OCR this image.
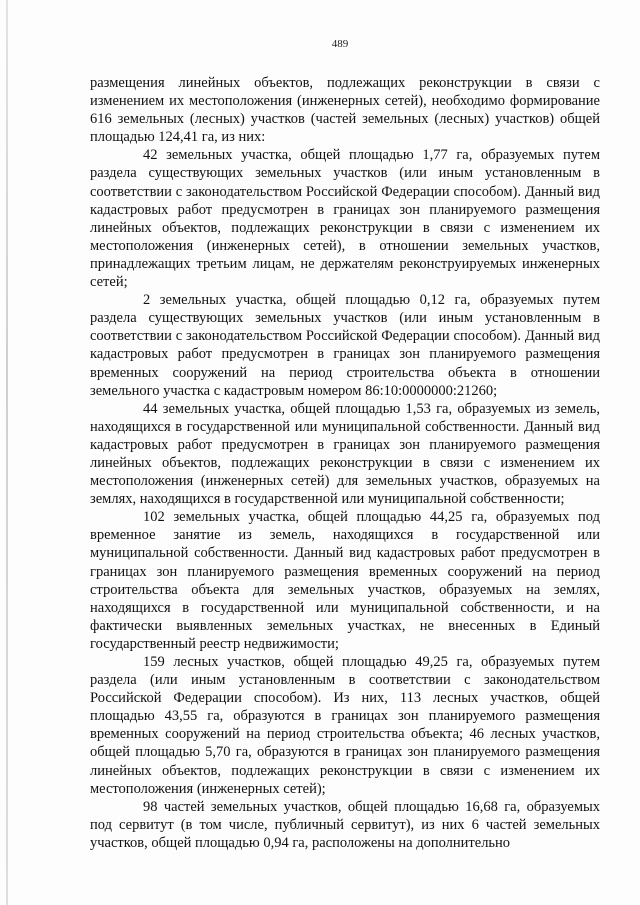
489

размещения линейных объектов, подлежащих реконструкции в связи с изменением их местоположения (инженерных сетей), необходимо формирование 616 земельных (лесных) участков (частей земельных (лесных) участков) общей площадью 124,41 га, из них:

42 земельных участка, общей площадью 1,77 га, образуемых путем раздела существующих земельных участков (или иным установленным в соответствии с законодательством Российской Федерации способом). Данный вид кадастровых работ предусмотрен в границах зон планируемого размещения линейных объектов, подлежащих реконструкции в связи с изменением их местоположения (инженерных сетей), в отношении земельных участков, принадлежащих третьим лицам, не держателям реконструируемых инженерных сетей;

2 земельных участка, общей площадью 0,12 га, образуемых путем раздела существующих земельных участков (или иным установленным в соответствии с законодательством Российской Федерации способом). Данный вид кадастровых работ предусмотрен в границах зон планируемого размещения временных сооружений на период строительства объекта в отношении земельного участка с кадастровым номером 86:10:0000000:21260;

44 земельных участка, общей площадью 1,53 га, образуемых из земель, находящихся в государственной или муниципальной собственности. Данный вид кадастровых работ предусмотрен в границах зон планируемого размещения линейных объектов, подлежащих реконструкции в связи с изменением их местоположения (инженерных сетей) для земельных участков, образуемых на землях, находящихся в государственной или муниципальной собственности;

102 земельных участка, общей площадью 44,25 га, образуемых под временное занятие из земель, находящихся в государственной или муниципальной собственности. Данный вид кадастровых работ предусмотрен в границах зон планируемого размещения временных сооружений на период строительства объекта для земельных участков, образуемых на землях, находящихся в государственной или муниципальной собственности, и на фактически выявленных земельных участках, не внесенных в Единый государственный реестр недвижимости;

159 лесных участков, общей площадью 49,25 га, образуемых путем раздела (или иным установленным в соответствии с законодательством Российской Федерации способом). Из них, 113 лесных участков, общей площадью 43,55 га, образуются в границах зон планируемого размещения временных сооружений на период строительства объекта; 46 лесных участков, общей площадью 5,70 га, образуются в границах зон планируемого размещения линейных объектов, подлежащих реконструкции в связи с изменением их местоположения (инженерных сетей);

98 частей земельных участков, общей площадью 16,68 га, образуемых под сервитут (в том числе, публичный сервитут), из них 6 частей земельных участков, общей площадью 0,94 га, расположены на дополнительно
